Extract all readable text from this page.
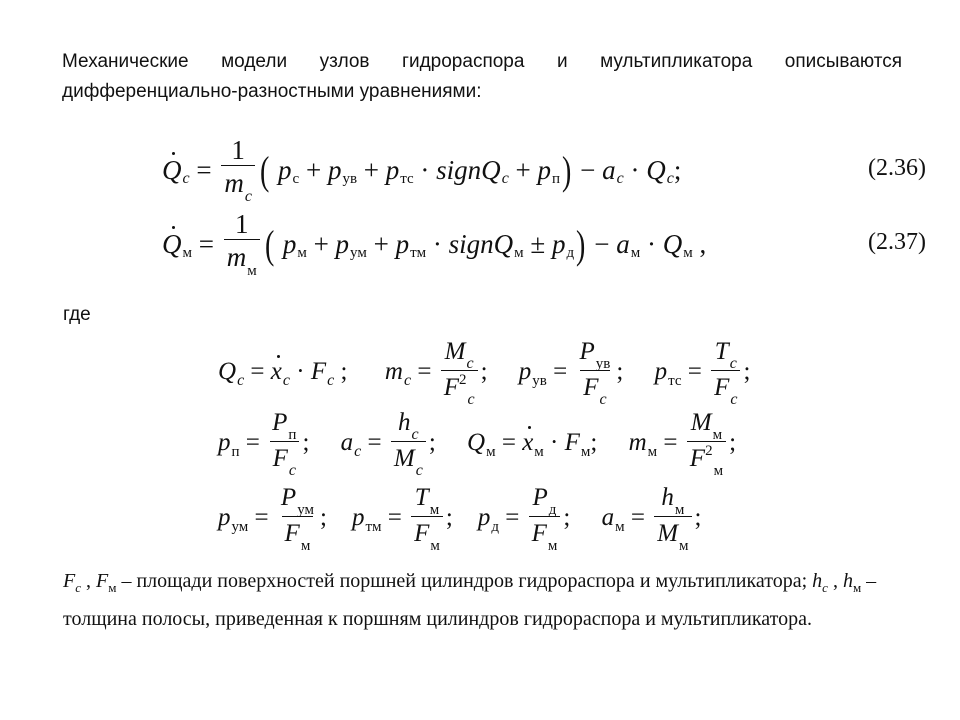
Механические модели узлов гидрораспора и мультипликатора описываются
дифференциально-разностными уравнениями:
Q $c = \frac{1}{m_c}$ ( p с + p ув + p тс · signQ c + p п ) − a c · Q c ;	(2.36)
Q $м = \frac{1}{m_м}$ ( p м + p ум + p тм · signQ м ± p д ) − a м · Q м ,	(2.37)
где
Q c = x c · F c ; m $c = \frac{M_c}{F^2_c}$ ; p ув = $\frac{P_{ув}}{F_c}$ ; p тс = $\frac{T_c}{F_c}$ ;
p $п = \frac{P_п}{F_c}$ ; a $c = \frac{h_c}{M_c}$ ; Q м = x м · F м ; m $м = \frac{M_м}{F^2_м}$ ;
p ум = $\frac{P_{ум}}{F_м}$ ; p тм = $\frac{T_м}{F_м}$ ; p $д = \frac{P_д}{F_м}$ ; a $м = \frac{h_м}{M_м}$ ;
$F_c$ , $F_м$ – площади поверхностей поршней цилиндров гидрораспора и мультипликатора; $h_c$ , $h_м$ – толщина полосы, приведенная к поршням цилиндров гидрораспора и мультипликатора.
